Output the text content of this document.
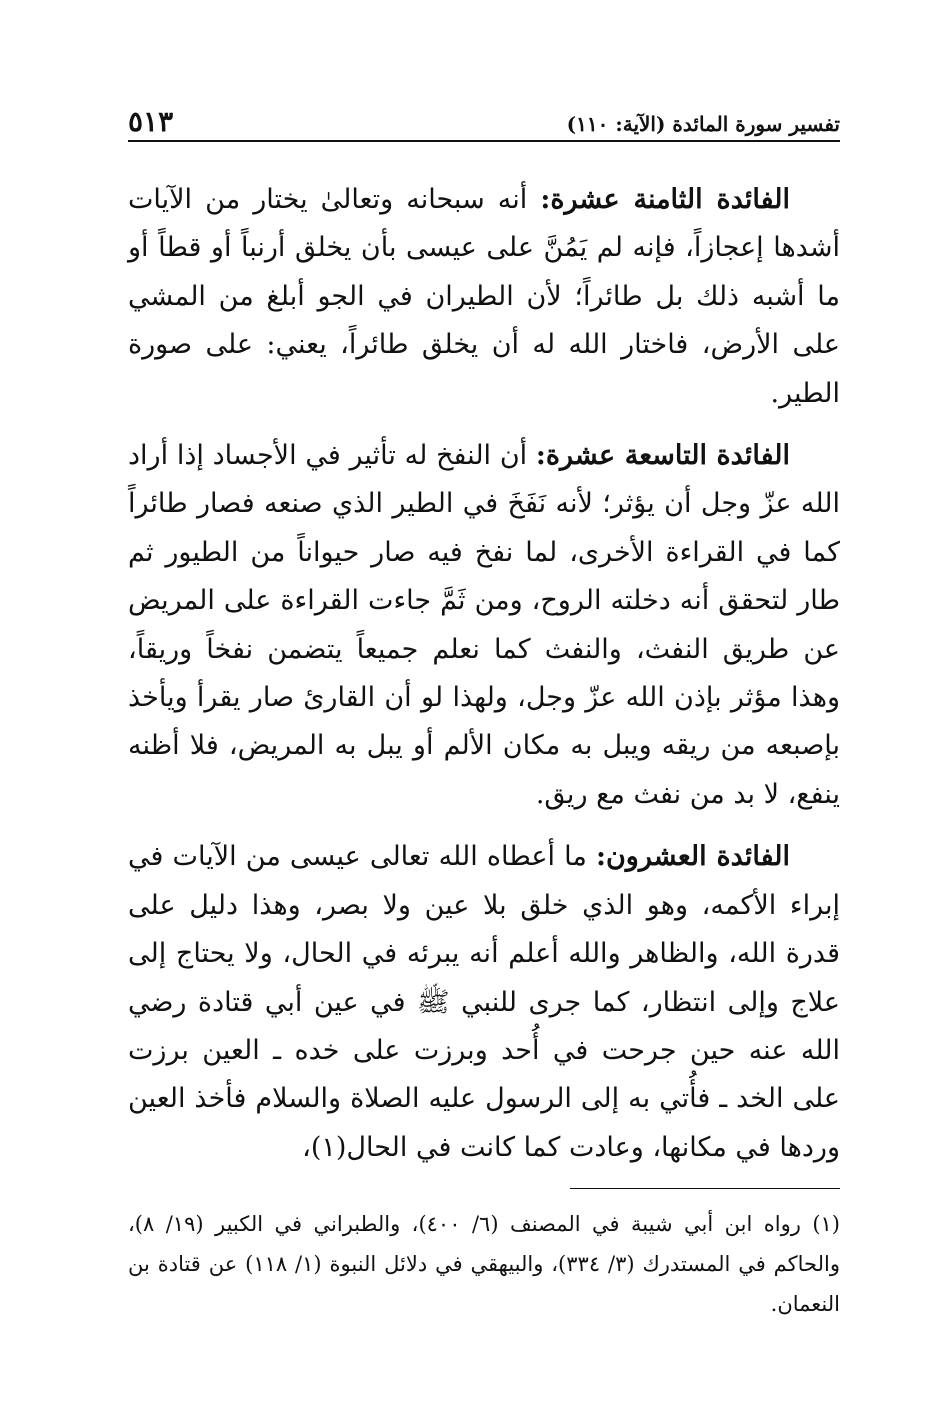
تفسير سورة المائدة (الآية: ١١٠)
٥١٣

الفائدة الثامنة عشرة: أنه سبحانه وتعالىٰ يختار من الآيات أشدها إعجازاً، فإنه لم يَمُنَّ على عيسى بأن يخلق أرنباً أو قطاً أو ما أشبه ذلك بل طائراً؛ لأن الطيران في الجو أبلغ من المشي على الأرض، فاختار الله له أن يخلق طائراً، يعني: على صورة الطير.

الفائدة التاسعة عشرة: أن النفخ له تأثير في الأجساد إذا أراد الله عزّ وجل أن يؤثر؛ لأنه نَفَخَ في الطير الذي صنعه فصار طائراً كما في القراءة الأخرى، لما نفخ فيه صار حيواناً من الطيور ثم طار لتحقق أنه دخلته الروح، ومن ثَمَّ جاءت القراءة على المريض عن طريق النفث، والنفث كما نعلم جميعاً يتضمن نفخاً وريقاً، وهذا مؤثر بإذن الله عزّ وجل، ولهذا لو أن القارئ صار يقرأ ويأخذ بإصبعه من ريقه ويبل به مكان الألم أو يبل به المريض، فلا أظنه ينفع، لا بد من نفث مع ريق.

الفائدة العشرون: ما أعطاه الله تعالى عيسى من الآيات في إبراء الأكمه، وهو الذي خلق بلا عين ولا بصر، وهذا دليل على قدرة الله، والظاهر والله أعلم أنه يبرئه في الحال، ولا يحتاج إلى علاج وإلى انتظار، كما جرى للنبي ﷺ في عين أبي قتادة رضي الله عنه حين جرحت في أُحد وبرزت على خده ـ العين برزت على الخد ـ فأُتي به إلى الرسول عليه الصلاة والسلام فأخذ العين وردها في مكانها، وعادت كما كانت في الحال(١)،

(١) رواه ابن أبي شيبة في المصنف (٦/ ٤٠٠)، والطبراني في الكبير (١٩/ ٨)، والحاكم في المستدرك (٣/ ٣٣٤)، والبيهقي في دلائل النبوة (١/ ١١٨) عن قتادة بن النعمان.
